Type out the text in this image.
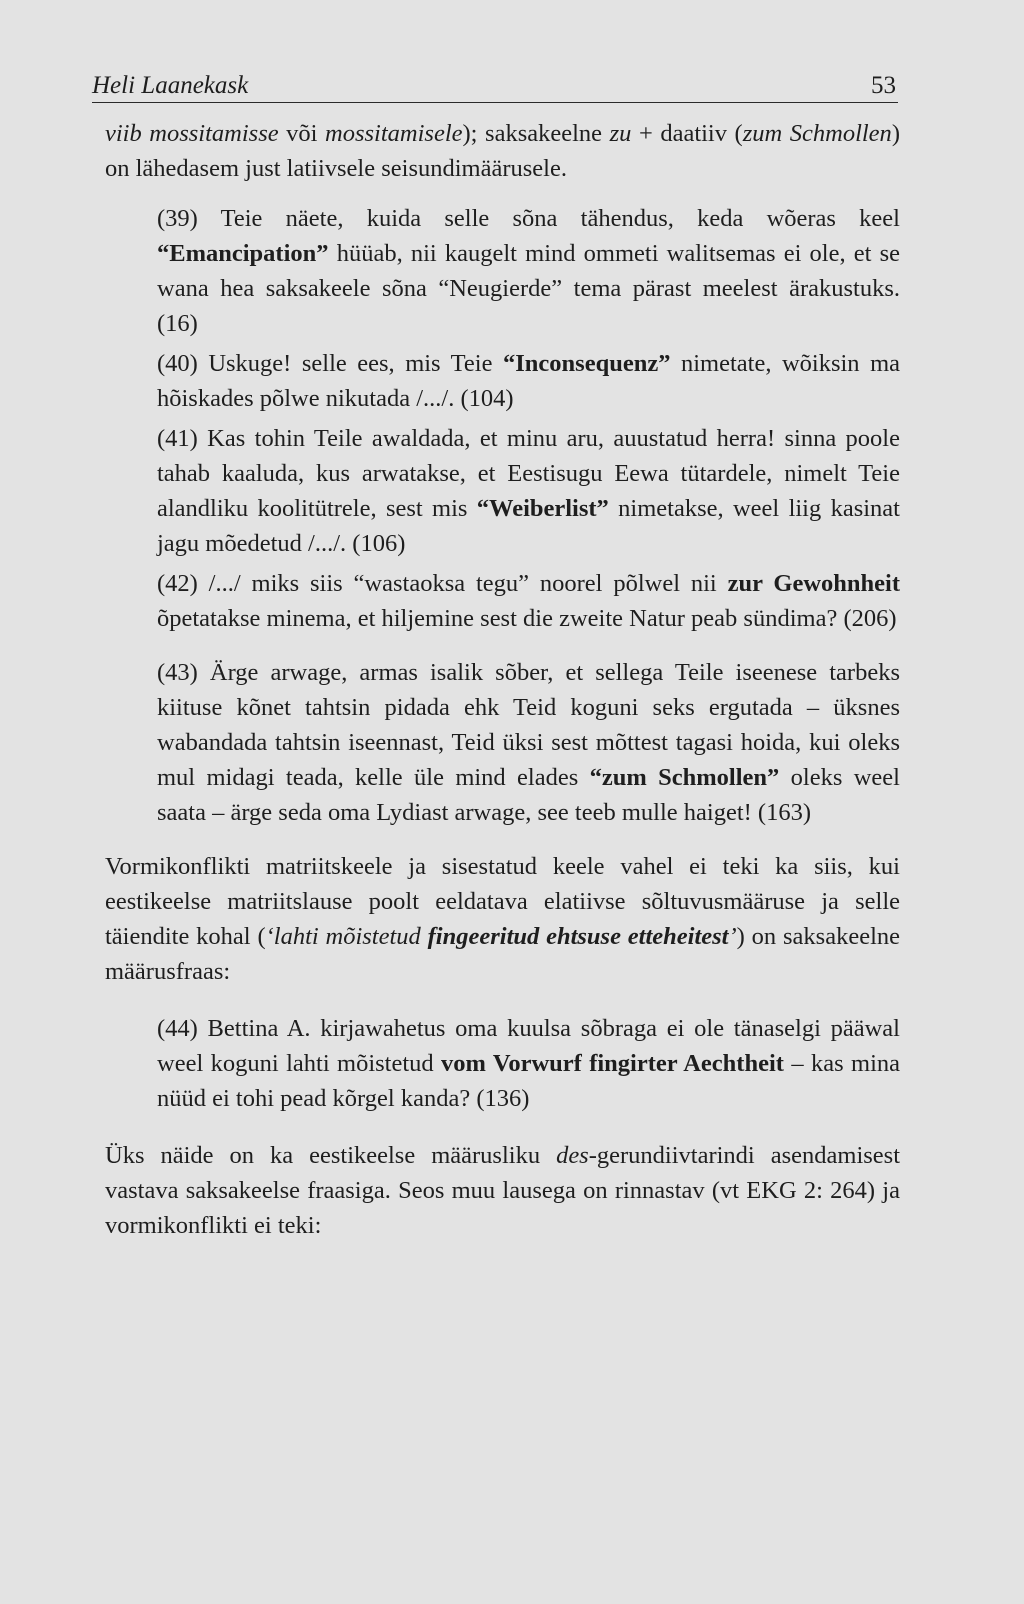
Heli Laanekask	53

viib mossitamisse või mossitamisele); saksakeelne zu + daatiiv (zum Schmollen) on lähedasem just latiivsele seisundimäärusele.

(39) Teie näete, kuida selle sõna tähendus, keda wõeras keel “Emancipation” hüüab, nii kaugelt mind ommeti walitsemas ei ole, et se wana hea saksakeele sõna “Neugierde” tema pärast meelest ärakustuks. (16)

(40) Uskuge! selle ees, mis Teie “Inconsequenz” nimetate, wõiksin ma hõiskades põlwe nikutada /.../. (104)

(41) Kas tohin Teile awaldada, et minu aru, auustatud herra! sinna poole tahab kaaluda, kus arwatakse, et Eestisugu Eewa tütardele, nimelt Teie alandliku koolitütrele, sest mis “Weiberlist” nimetakse, weel liig kasinat jagu mõedetud /.../. (106)

(42) /.../ miks siis “wastaoksa tegu” noorel põlwel nii zur Gewohnheit õpetatakse minema, et hiljemine sest die zweite Natur peab sündima? (206)

(43) Ärge arwage, armas isalik sõber, et sellega Teile iseenese tarbeks kiituse kõnet tahtsin pidada ehk Teid koguni seks ergutada – üksnes wabandada tahtsin iseennast, Teid üksi sest mõttest tagasi hoida, kui oleks mul midagi teada, kelle üle mind elades “zum Schmollen” oleks weel saata – ärge seda oma Lydiast arwage, see teeb mulle haiget! (163)

Vormikonflikti matriitskeele ja sisestatud keele vahel ei teki ka siis, kui eestikeelse matriitslause poolt eeldatava elatiivse sõltuvusmääruse ja selle täiendite kohal (‘lahti mõistetud fingeeritud ehtsuse etteheitest’) on saksakeelne määrusfraas:

(44) Bettina A. kirjawahetus oma kuulsa sõbraga ei ole tänaselgi pääwal weel koguni lahti mõistetud vom Vorwurf fingirter Aechtheit – kas mina nüüd ei tohi pead kõrgel kanda? (136)

Üks näide on ka eestikeelse määrusliku des-gerundiivtarindi asendamisest vastava saksakeelse fraasiga. Seos muu lausega on rinnastav (vt EKG 2: 264) ja vormikonflikti ei teki:
